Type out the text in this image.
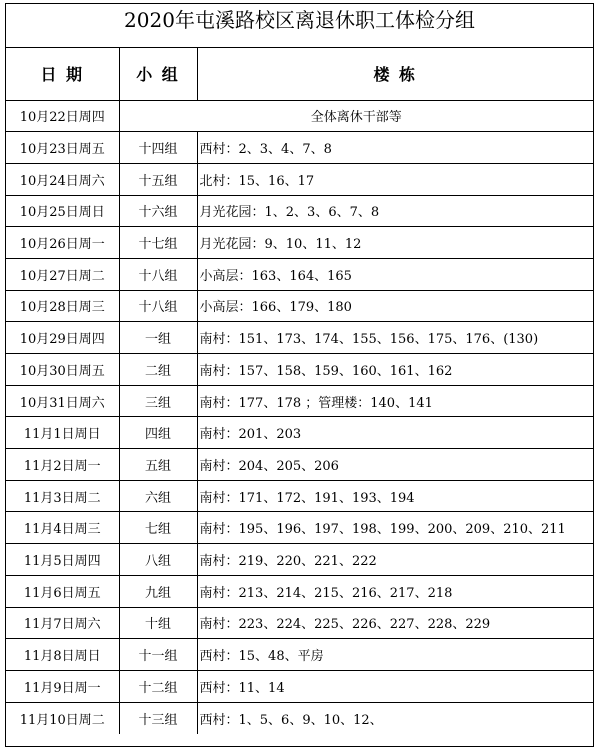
2020年屯溪路校区离退休职工体检分组
日 期	小 组	楼 栋
10月22日周四	全体离休干部等	
10月23日周五	十四组	西村：2、3、4、7、8
10月24日周六	十五组	北村：15、16、17
10月25日周日	十六组	月光花园：1、2、3、6、7、8
10月26日周一	十七组	月光花园：9、10、11、12
10月27日周二	十八组	小高层：163、164、165
10月28日周三	十八组	小高层：166、179、180
10月29日周四	一组	南村：151、173、174、155、156、175、176、(130)
10月30日周五	二组	南村：157、158、159、160、161、162
10月31日周六	三组	南村：177、178 ；管理楼：140、141
11月1日周日	四组	南村：201、203
11月2日周一	五组	南村：204、205、206
11月3日周二	六组	南村：171、172、191、193、194
11月4日周三	七组	南村：195、196、197、198、199、200、209、210、211
11月5日周四	八组	南村：219、220、221、222
11月6日周五	九组	南村：213、214、215、216、217、218
11月7日周六	十组	南村：223、224、225、226、227、228、229
11月8日周日	十一组	西村：15、48、平房
11月9日周一	十二组	西村：11、14
11月10日周二	十三组	西村：1、5、6、9、10、12、
